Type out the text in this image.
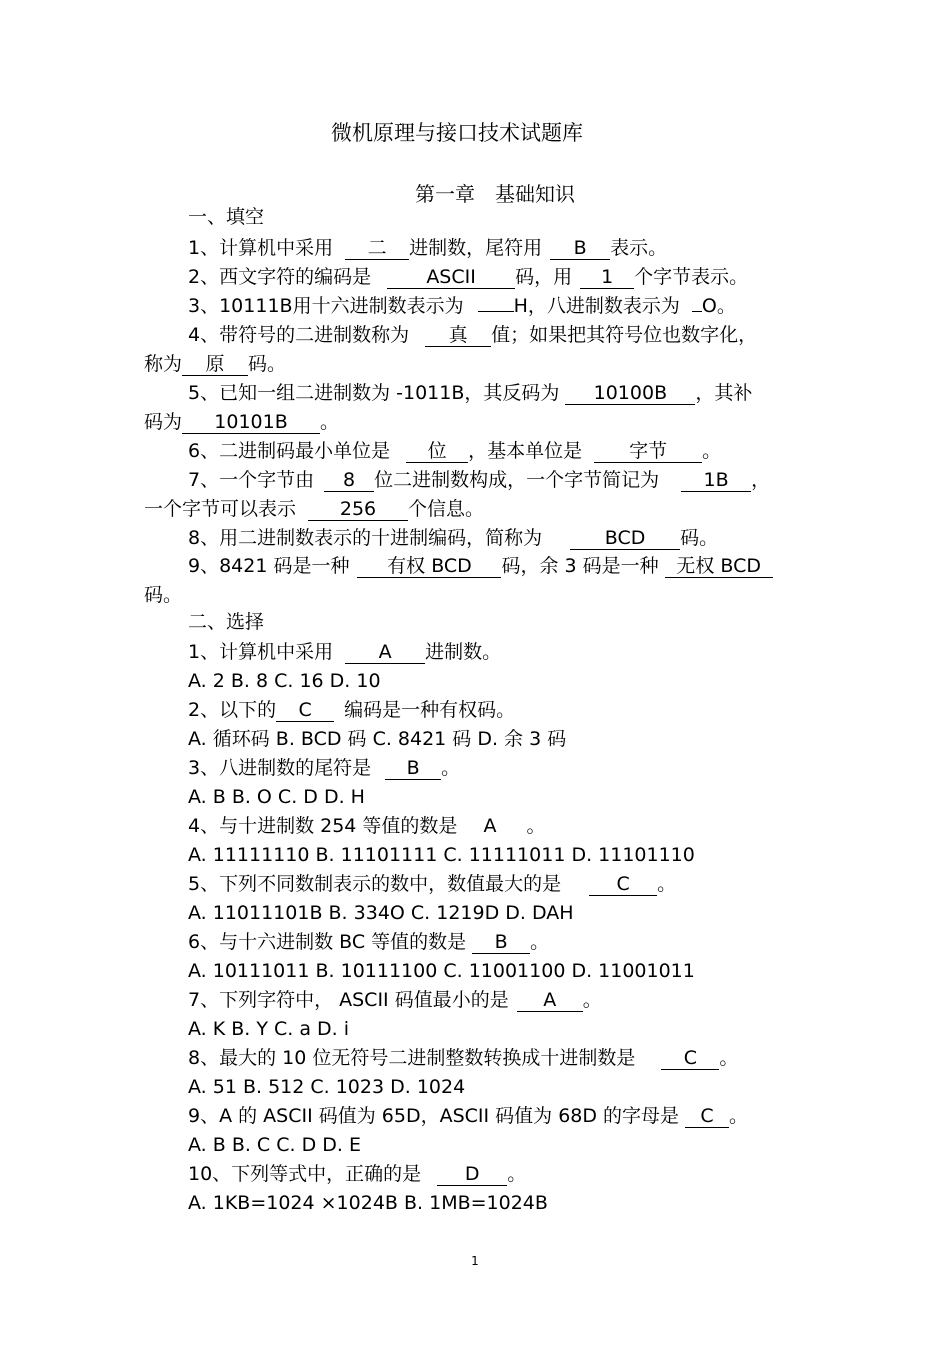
微机原理与接口技术试题库
第一章　基础知识
一、填空
1、计算机中采用 二 进制数，尾符用 B 表示。
2、西文字符的编码是	ASCII 码，用 1 个字节表示。
3、10111B用十六进制数表示为	H，八进制数表示为 O。
4、带符号的二进制数称为 真 值；如果把其符号位也数字化，
称为 原 码。
5、已知一组二进制数为 -1011B，其反码为 10100B ，其补
码为 10101B 。
6、二进制码最小单位是 位 ，基本单位是 字节 。
7、一个字节由 8 位二进制数构成，一个字节简记为 1B ，
一个字节可以表示 256 个信息。
8、用二进制数表示的十进制编码，简称为	BCD 码。
9、8421 码是一种 有权 BCD 码，余 3 码是一种 无权 BCD
码。
二、选择
1、计算机中采用 A 进制数。
A. 2 B. 8 C. 16 D. 10
2、以下的 C 编码是一种有权码。
A. 循环码 B. BCD 码 C. 8421 码 D. 余 3 码
3、八进制数的尾符是 B 。
A. B B. O C. D D. H
4、与十进制数 254 等值的数是 A 。
A. 11111110 B. 11101111 C. 11111011 D. 11101110
5、下列不同数制表示的数中，数值最大的是	C 。
A. 11011101B B. 334O C. 1219D D. DAH
6、与十六进制数 BC 等值的数是 B 。
A. 10111011 B. 10111100 C. 11001100 D. 11001011
7、下列字符中， ASCII 码值最小的是 A 。
A. K B. Y C. a D. i
8、最大的 10 位无符号二进制整数转换成十进制数是	C 。
A. 51 B. 512 C. 1023 D. 1024
9、A 的 ASCII 码值为 65D，ASCII 码值为 68D 的字母是 C 。
A. B B. C C. D D. E
10、下列等式中，正确的是 D 。
A. 1KB=1024 ×1024B B. 1MB=1024B
1
